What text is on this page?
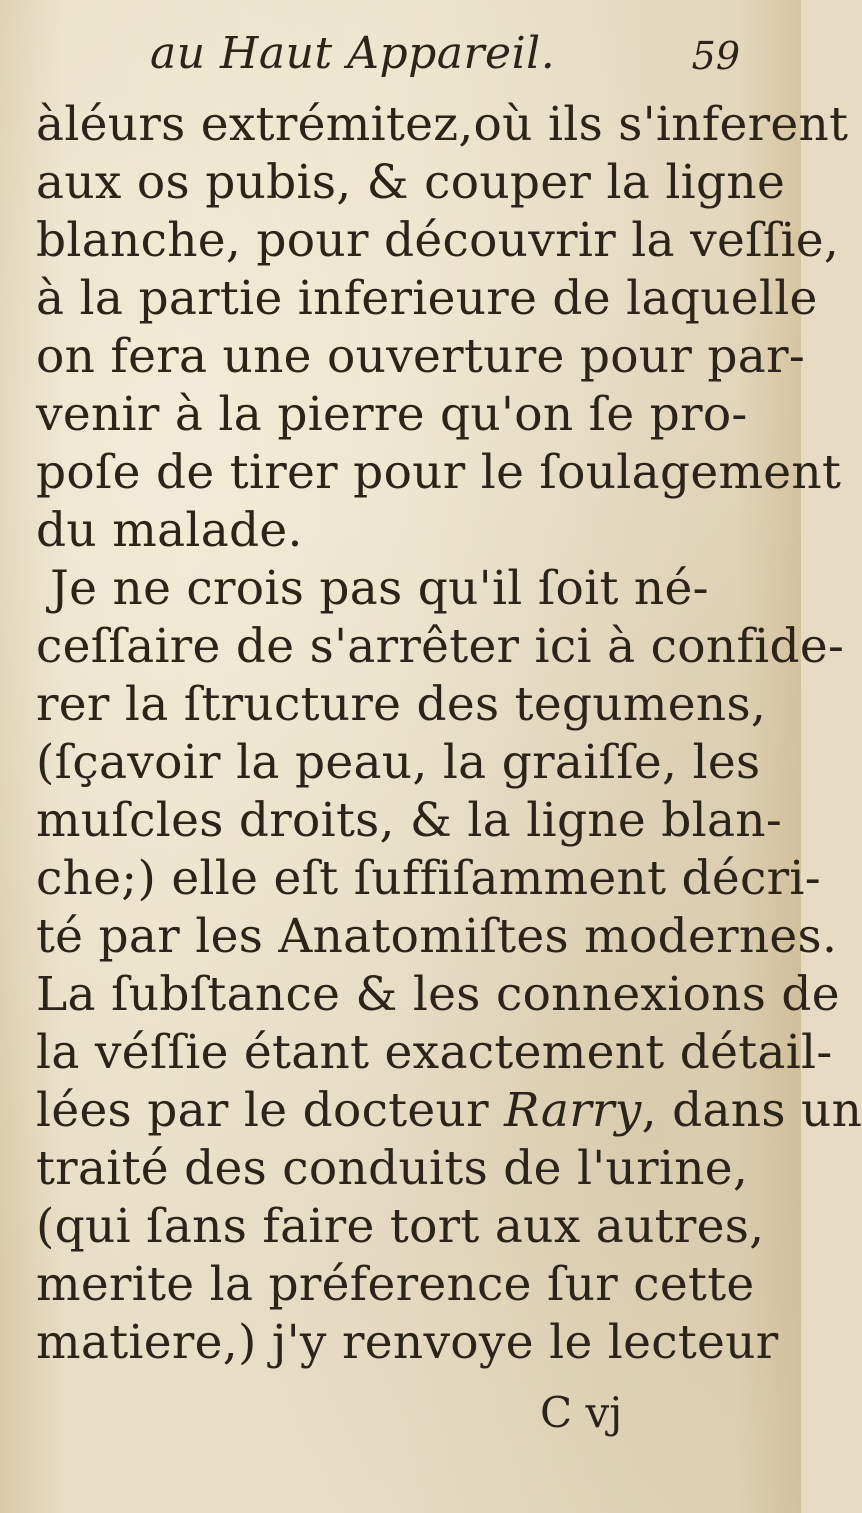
au Haut Appareil.	59
àléurs extrémitez,où ils s'inferent
aux os pubis, & couper la ligne
blanche, pour découvrir la veſſie,
à la partie inferieure de laquelle
on fera une ouverture pour par-
venir à la pierre qu'on ſe pro-
poſe de tirer pour le ſoulagement
du malade.
Je ne crois pas qu'il ſoit né-
ceſſaire de s'arrêter ici à confide-
rer la ſtructure des tegumens,
(ſçavoir la peau, la graiſſe, les
muſcles droits, & la ligne blan-
che;) elle eſt ſuffiſamment décri-
té par les Anatomiſtes modernes.
La ſubſtance & les connexions de
la véſſie étant exactement détail-
lées par le docteur Rarry, dans un
traité des conduits de l'urine,
(qui ſans faire tort aux autres,
merite la préference ſur cette
matiere,) j'y renvoye le lecteur
C vj
